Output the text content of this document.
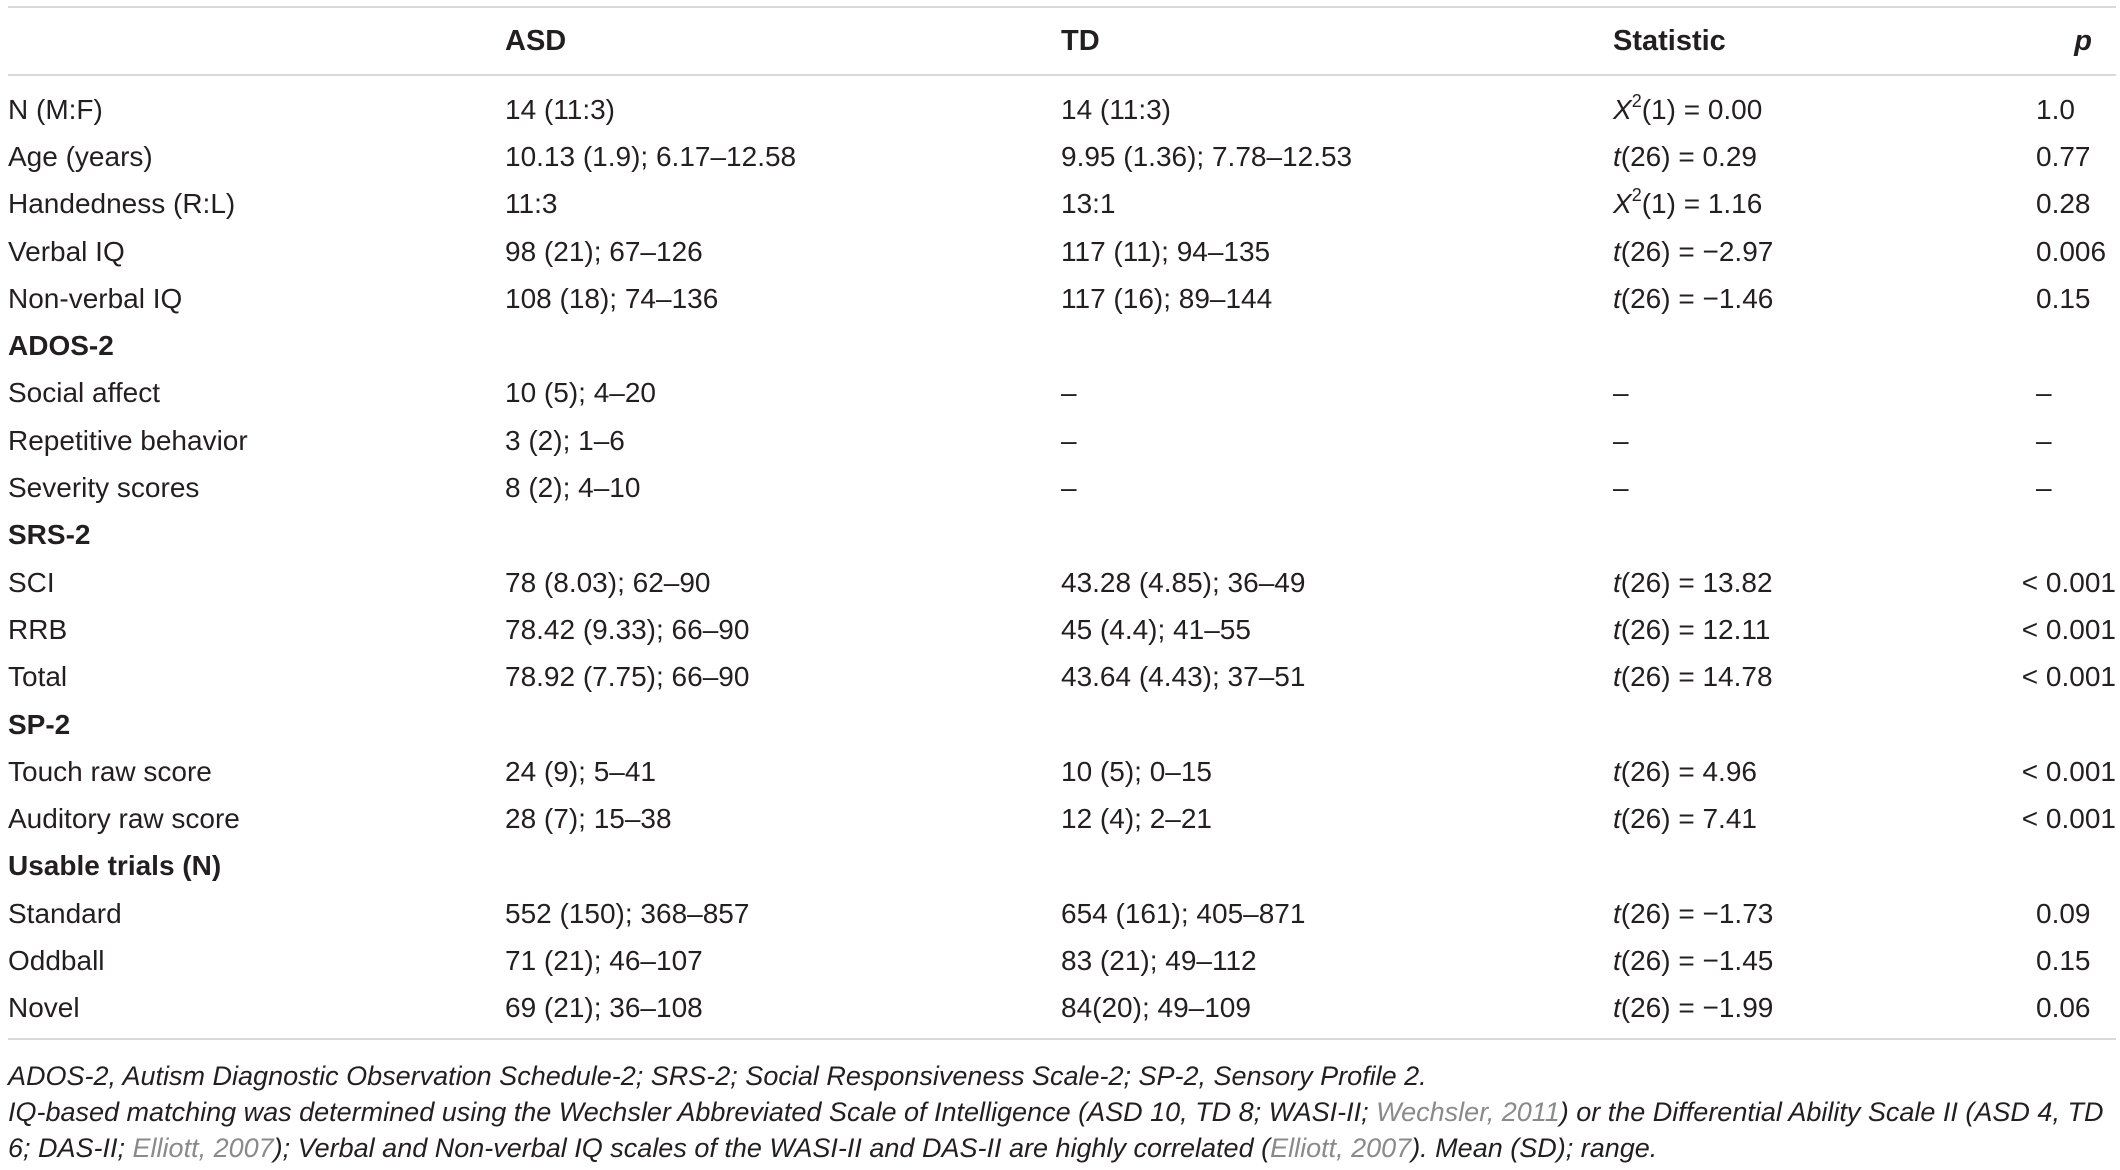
	ASD	TD	Statistic	p
N (M:F)	14 (11:3)	14 (11:3)	$X^2(1) = 0.00$	1.0
Age (years)	10.13 (1.9); 6.17–12.58	9.95 (1.36); 7.78–12.53	t(26) = 0.29	0.77
Handedness (R:L)	11:3	13:1	$X^2(1) = 1.16$	0.28
Verbal IQ	98 (21); 67–126	117 (11); 94–135	t(26) = −2.97	0.006
Non-verbal IQ	108 (18); 74–136	117 (16); 89–144	t(26) = −1.46	0.15
ADOS-2				
Social affect	10 (5); 4–20	–	–	–
Repetitive behavior	3 (2); 1–6	–	–	–
Severity scores	8 (2); 4–10	–	–	–
SRS-2				
SCI	78 (8.03); 62–90	43.28 (4.85); 36–49	t(26) = 13.82	< 0.001
RRB	78.42 (9.33); 66–90	45 (4.4); 41–55	t(26) = 12.11	< 0.001
Total	78.92 (7.75); 66–90	43.64 (4.43); 37–51	t(26) = 14.78	< 0.001
SP-2				
Touch raw score	24 (9); 5–41	10 (5); 0–15	t(26) = 4.96	< 0.001
Auditory raw score	28 (7); 15–38	12 (4); 2–21	t(26) = 7.41	< 0.001
Usable trials (N)				
Standard	552 (150); 368–857	654 (161); 405–871	t(26) = −1.73	0.09
Oddball	71 (21); 46–107	83 (21); 49–112	t(26) = −1.45	0.15
Novel	69 (21); 36–108	84(20); 49–109	t(26) = −1.99	0.06

ADOS-2, Autism Diagnostic Observation Schedule-2; SRS-2; Social Responsiveness Scale-2; SP-2, Sensory Profile 2.

IQ-based matching was determined using the Wechsler Abbreviated Scale of Intelligence (ASD 10, TD 8; WASI-II; Wechsler, 2011) or the Differential Ability Scale II (ASD 4, TD 6; DAS-II; Elliott, 2007); Verbal and Non-verbal IQ scales of the WASI-II and DAS-II are highly correlated (Elliott, 2007). Mean (SD); range.
